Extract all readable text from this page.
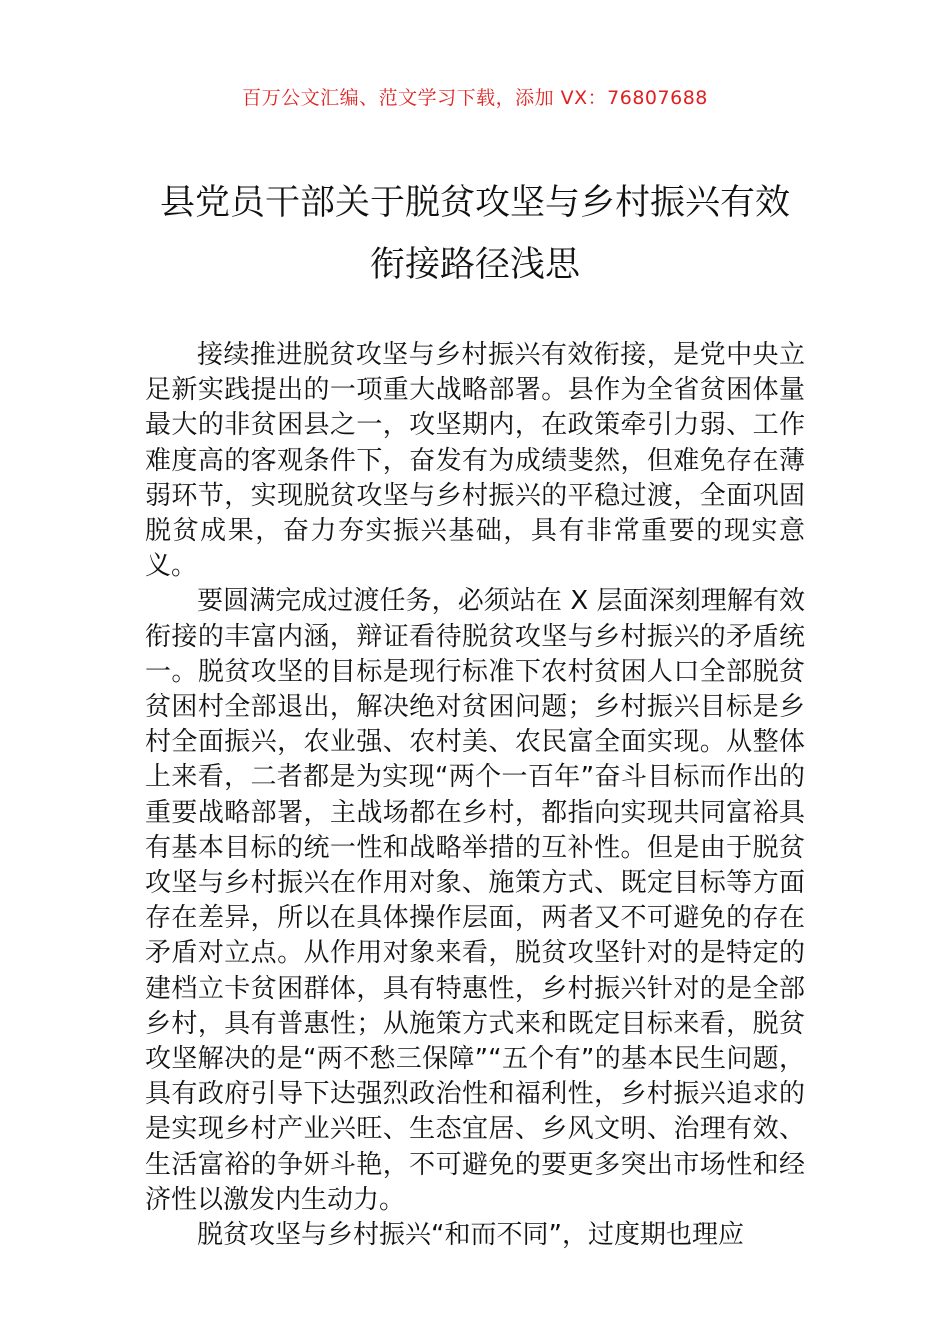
百万公文汇编、范文学习下载，添加 VX：76807688
县党员干部关于脱贫攻坚与乡村振兴有效
衔接路径浅思

接续推进脱贫攻坚与乡村振兴有效衔接，是党中央立足新实践提出的一项重大战略部署。县作为全省贫困体量最大的非贫困县之一，攻坚期内，在政策牵引力弱、工作难度高的客观条件下，奋发有为成绩斐然，但难免存在薄弱环节，实现脱贫攻坚与乡村振兴的平稳过渡，全面巩固脱贫成果，奋力夯实振兴基础，具有非常重要的现实意义。

要圆满完成过渡任务，必须站在 X 层面深刻理解有效衔接的丰富内涵，辩证看待脱贫攻坚与乡村振兴的矛盾统一。脱贫攻坚的目标是现行标准下农村贫困人口全部脱贫贫困村全部退出，解决绝对贫困问题；乡村振兴目标是乡村全面振兴，农业强、农村美、农民富全面实现。从整体上来看，二者都是为实现“两个一百年”奋斗目标而作出的重要战略部署，主战场都在乡村，都指向实现共同富裕具有基本目标的统一性和战略举措的互补性。但是由于脱贫攻坚与乡村振兴在作用对象、施策方式、既定目标等方面存在差异，所以在具体操作层面，两者又不可避免的存在矛盾对立点。从作用对象来看，脱贫攻坚针对的是特定的建档立卡贫困群体，具有特惠性，乡村振兴针对的是全部乡村，具有普惠性；从施策方式来和既定目标来看，脱贫攻坚解决的是“两不愁三保障”“五个有”的基本民生问题，具有政府引导下达强烈政治性和福利性，乡村振兴追求的是实现乡村产业兴旺、生态宜居、乡风文明、治理有效、生活富裕的争妍斗艳，不可避免的要更多突出市场性和经济性以激发内生动力。

脱贫攻坚与乡村振兴“和而不同”，过度期也理应
